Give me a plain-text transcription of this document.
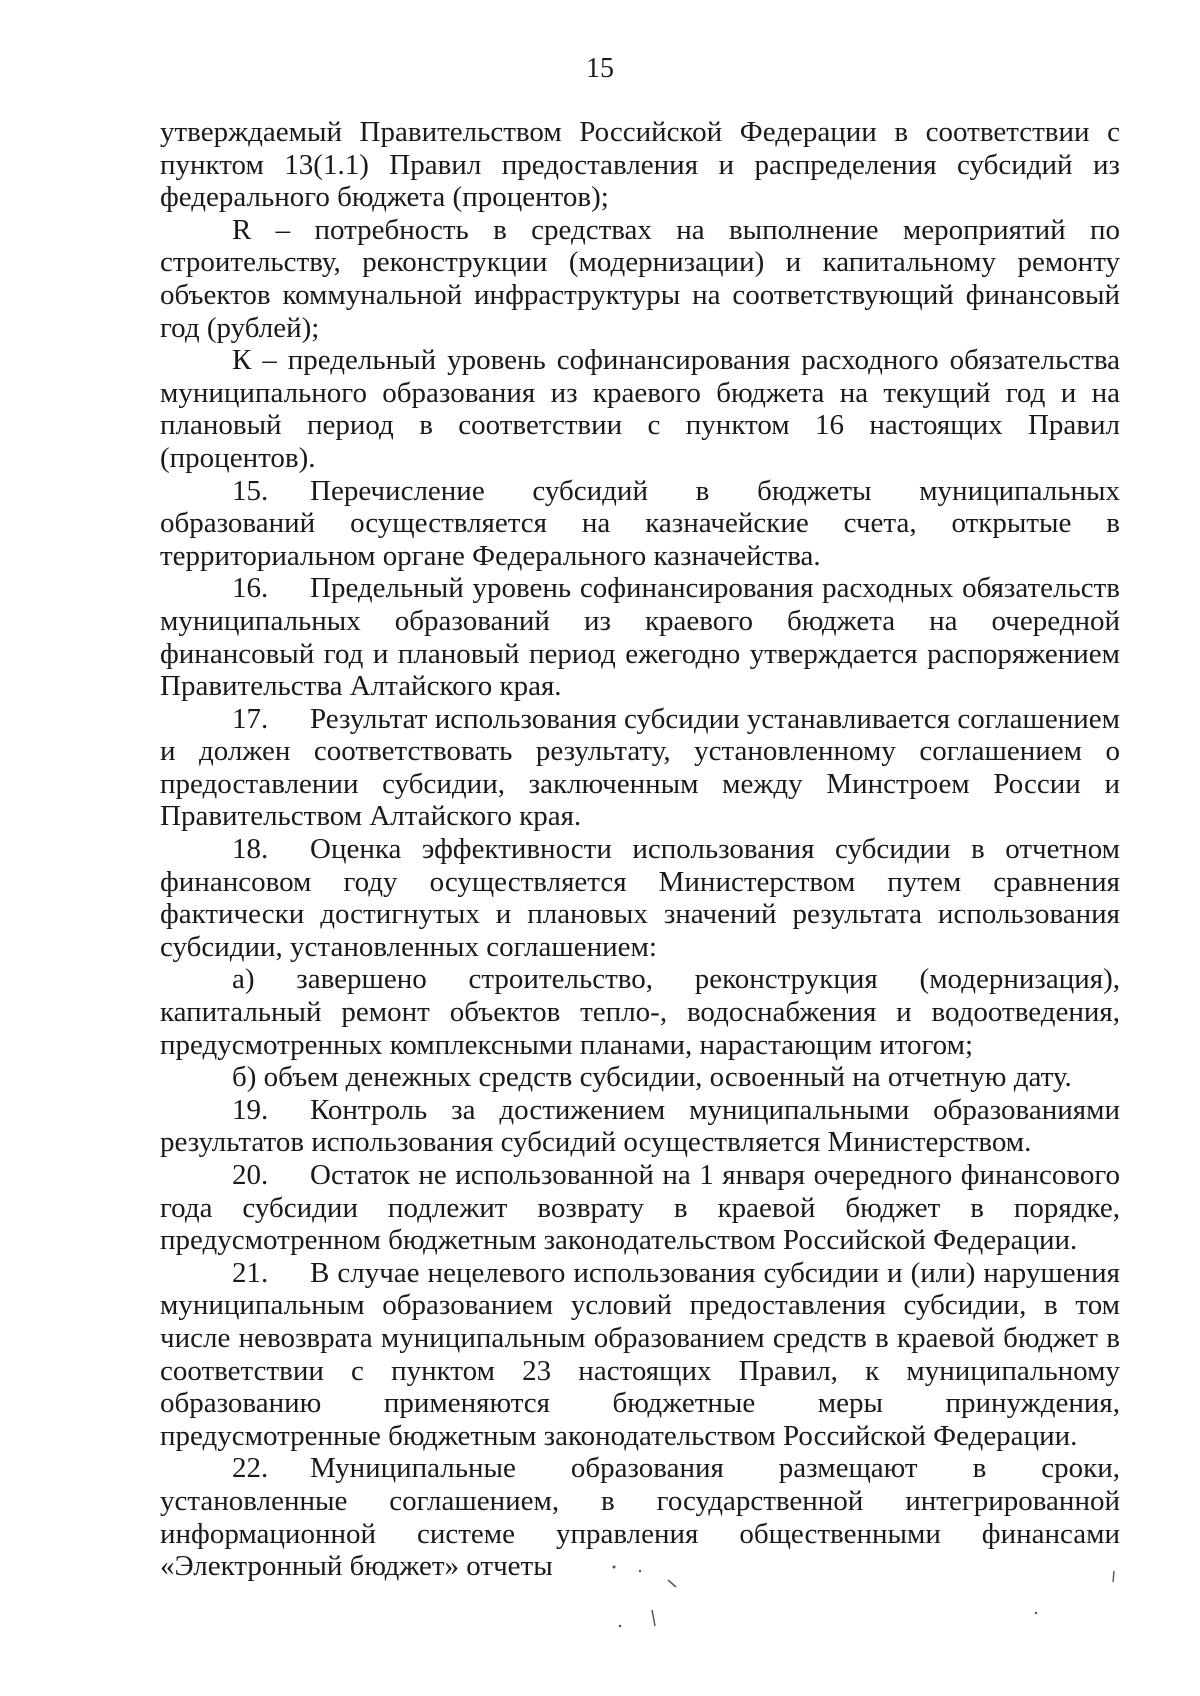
15

утверждаемый Правительством Российской Федерации в соответствии с пунктом 13(1.1) Правил предоставления и распределения субсидий из федерального бюджета (процентов);

R – потребность в средствах на выполнение мероприятий по строительству, реконструкции (модернизации) и капитальному ремонту объектов коммунальной инфраструктуры на соответствующий финансовый год (рублей);

К – предельный уровень софинансирования расходного обязательства муниципального образования из краевого бюджета на текущий год и на плановый период в соответствии с пунктом 16 настоящих Правил (процентов).

15. Перечисление субсидий в бюджеты муниципальных образований осуществляется на казначейские счета, открытые в территориальном органе Федерального казначейства.

16. Предельный уровень софинансирования расходных обязательств муниципальных образований из краевого бюджета на очередной финансовый год и плановый период ежегодно утверждается распоряжением Правительства Алтайского края.

17. Результат использования субсидии устанавливается соглашением и должен соответствовать результату, установленному соглашением о предоставлении субсидии, заключенным между Минстроем России и Правительством Алтайского края.

18. Оценка эффективности использования субсидии в отчетном финансовом году осуществляется Министерством путем сравнения фактически достигнутых и плановых значений результата использования субсидии, установленных соглашением:

а) завершено строительство, реконструкция (модернизация), капитальный ремонт объектов тепло-, водоснабжения и водоотведения, предусмотренных комплексными планами, нарастающим итогом;

б) объем денежных средств субсидии, освоенный на отчетную дату.

19. Контроль за достижением муниципальными образованиями результатов использования субсидий осуществляется Министерством.

20. Остаток не использованной на 1 января очередного финансового года субсидии подлежит возврату в краевой бюджет в порядке, предусмотренном бюджетным законодательством Российской Федерации.

21. В случае нецелевого использования субсидии и (или) нарушения муниципальным образованием условий предоставления субсидии, в том числе невозврата муниципальным образованием средств в краевой бюджет в соответствии с пунктом 23 настоящих Правил, к муниципальному образованию применяются бюджетные меры принуждения, предусмотренные бюджетным законодательством Российской Федерации.

22. Муниципальные образования размещают в сроки, установленные соглашением, в государственной интегрированной информационной системе управления общественными финансами «Электронный бюджет» отчеты
